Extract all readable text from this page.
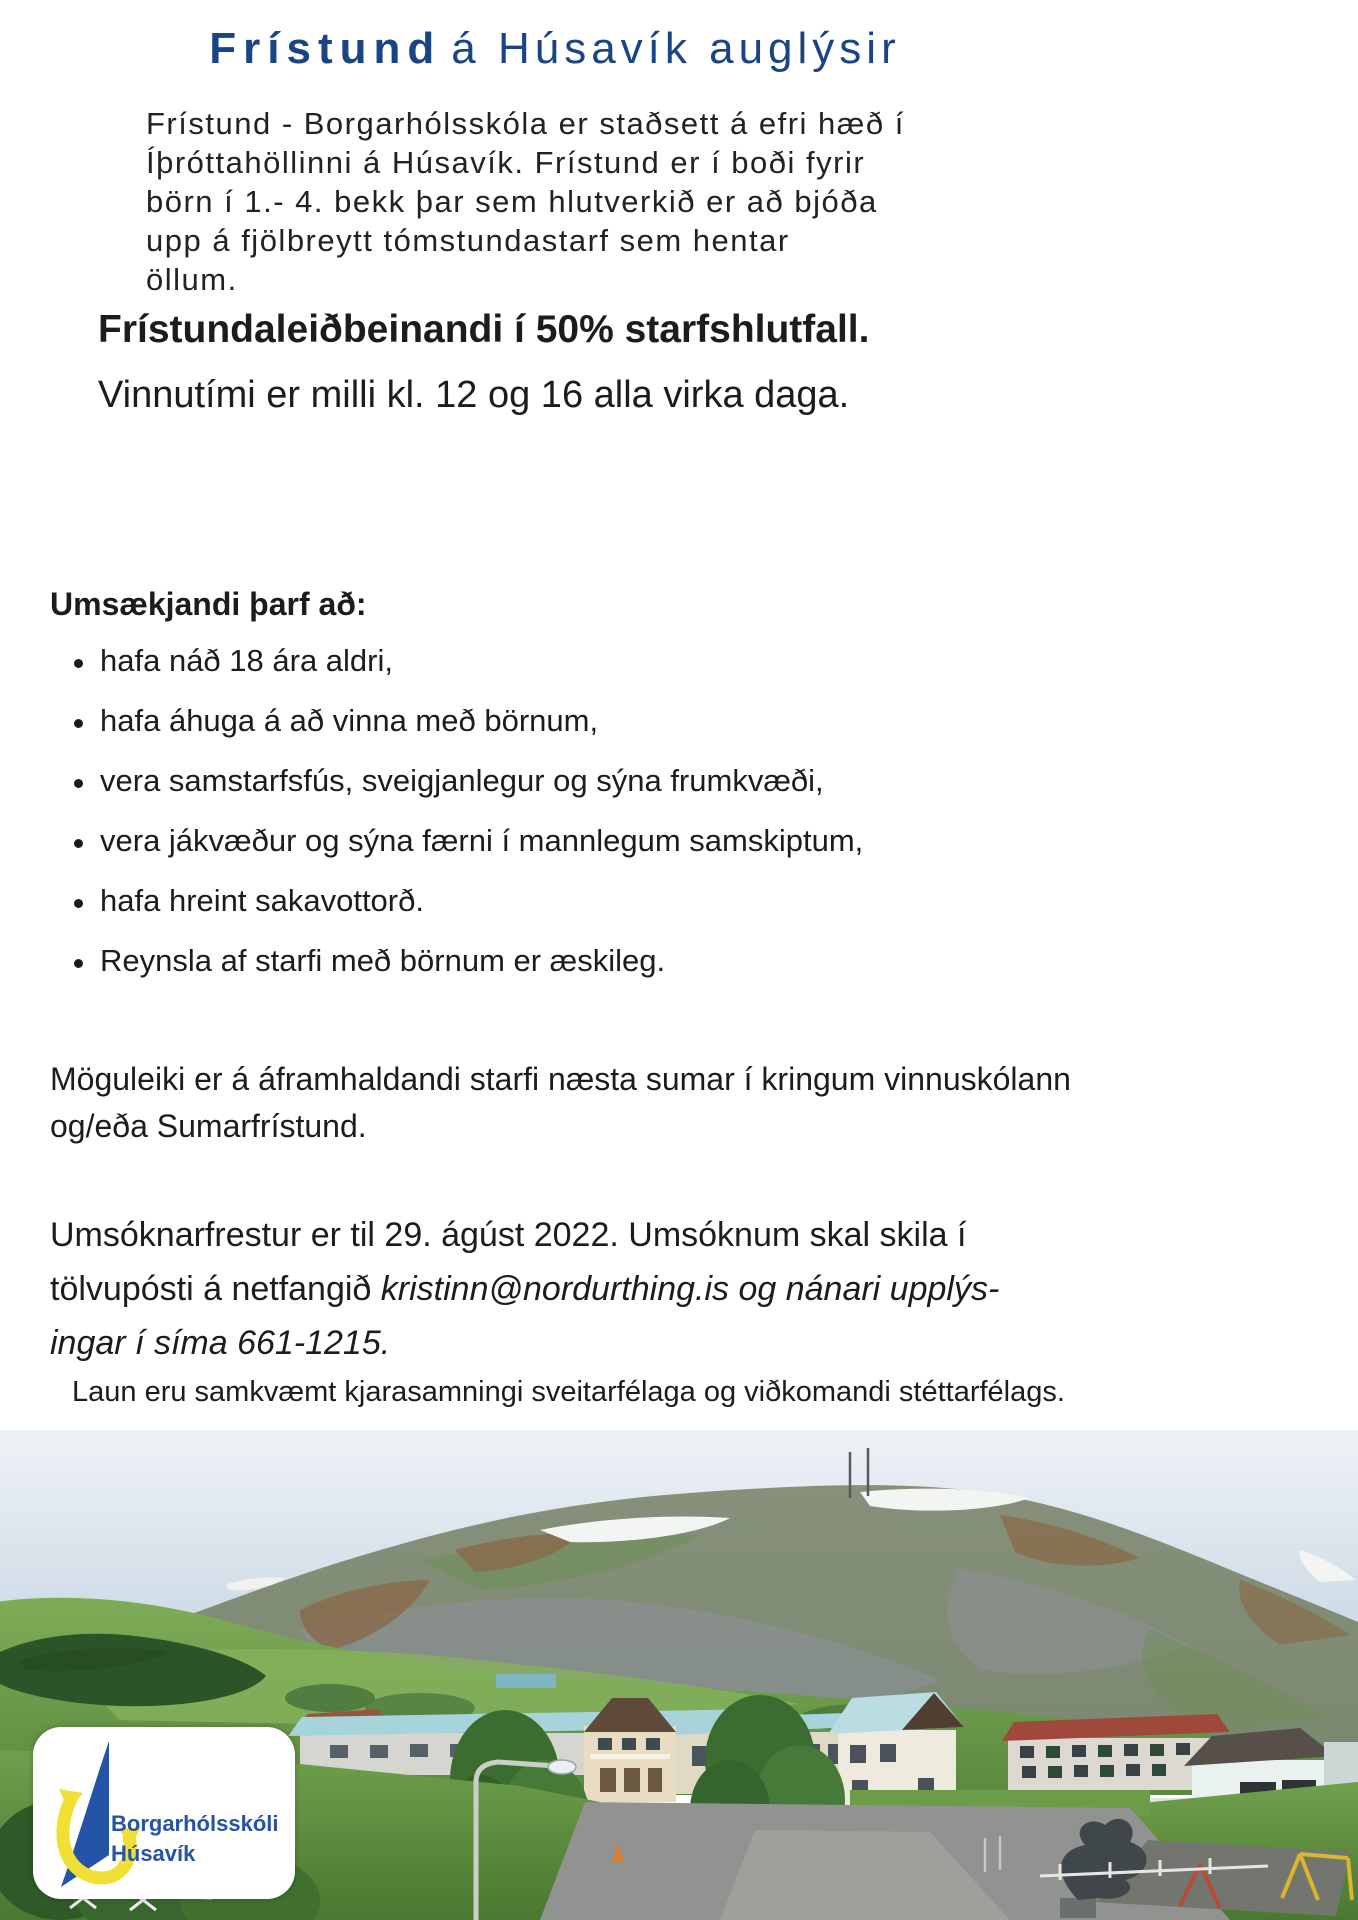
Frístund á Húsavík auglýsir
Frístund - Borgarhólsskóla er staðsett á efri hæð í
Íþróttahöllinni á Húsavík. Frístund er í boði fyrir
börn í 1.- 4. bekk þar sem hlutverkið er að bjóða
upp á fjölbreytt tómstundastarf sem hentar
öllum.
Frístundaleiðbeinandi í 50% starfshlutfall.
Vinnutími er milli kl. 12 og 16 alla virka daga.
Umsækjandi þarf að:
hafa náð 18 ára aldri,
hafa áhuga á að vinna með börnum,
vera samstarfsfús, sveigjanlegur og sýna frumkvæði,
vera jákvæður og sýna færni í mannlegum samskiptum,
hafa hreint sakavottorð.
Reynsla af starfi með börnum er æskileg.
Möguleiki er á áframhaldandi starfi næsta sumar í kringum vinnuskólann
og/eða Sumarfrístund.
Umsóknarfrestur er til 29. ágúst 2022. Umsóknum skal skila í
tölvupósti á netfangið kristinn@nordurthing.is og nánari upplýs-
ingar í síma 661-1215.
Laun eru samkvæmt kjarasamningi sveitarfélaga og viðkomandi stéttarfélags.
Borgarhólsskóli
Húsavík
